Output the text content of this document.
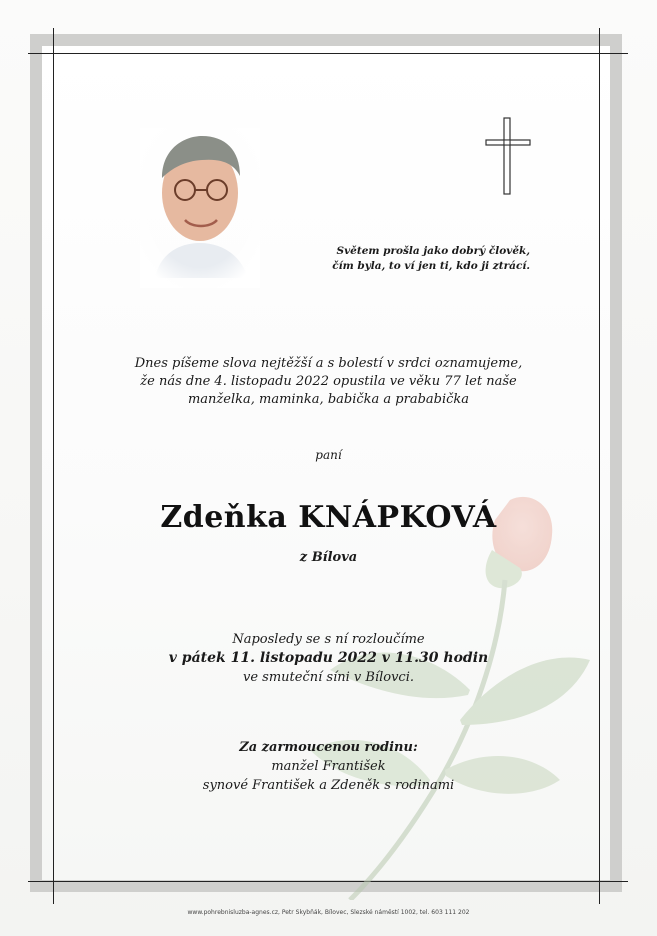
Světem prošla jako dobrý člověk,
čím byla, to ví jen ti, kdo ji ztrácí.
Dnes píšeme slova nejtěžší a s bolestí v srdci oznamujeme,
že nás dne 4. listopadu 2022 opustila ve věku 77 let naše
manželka, maminka, babička a prababička
paní
Zdeňka KNÁPKOVÁ
z Bílova
Naposledy se s ní rozloučíme
v pátek 11. listopadu 2022 v 11.30 hodin
ve smuteční síni v Bílovci.
Za zarmoucenou rodinu:
manžel František
synové František a Zdeněk s rodinami
www.pohrebnisluzba-agnes.cz, Petr Skybňák, Bílovec, Slezské náměstí 1002, tel. 603 111 202
